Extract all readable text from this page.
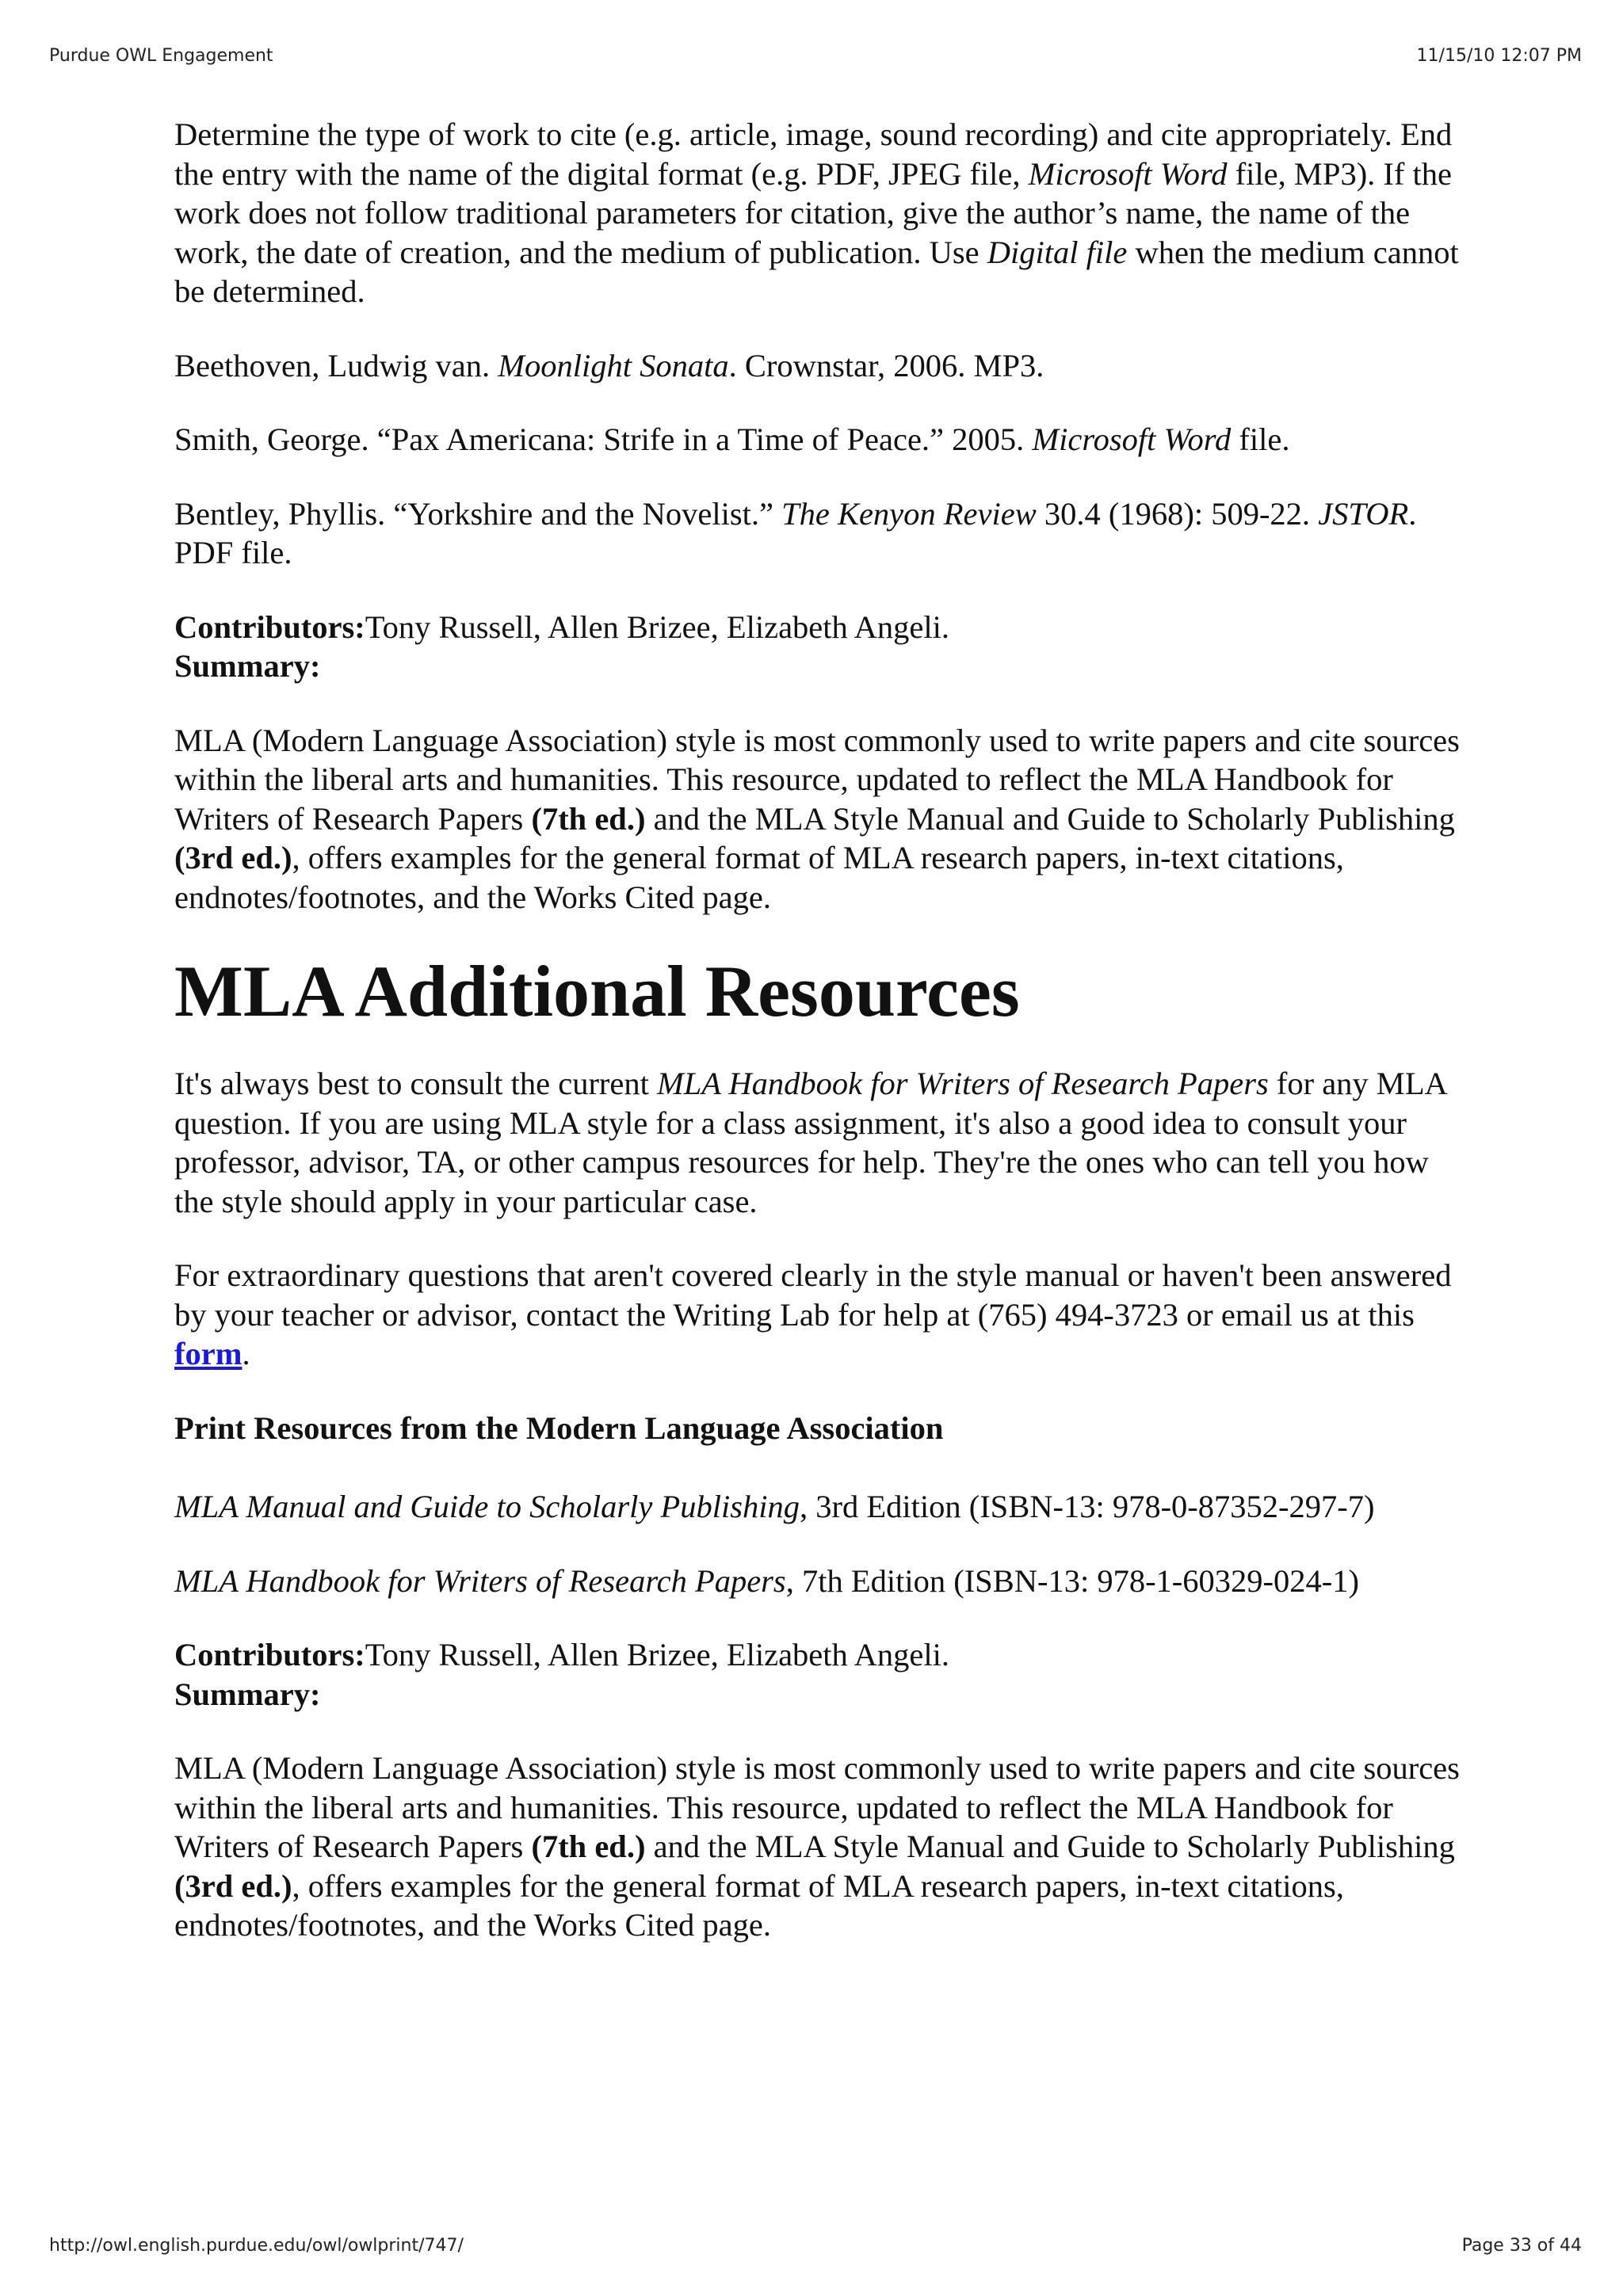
Purdue OWL Engagement	11/15/10 12:07 PM

Determine the type of work to cite (e.g. article, image, sound recording) and cite appropriately. End the entry with the name of the digital format (e.g. PDF, JPEG file, Microsoft Word file, MP3). If the work does not follow traditional parameters for citation, give the author’s name, the name of the work, the date of creation, and the medium of publication. Use Digital file when the medium cannot be determined.

Beethoven, Ludwig van. Moonlight Sonata. Crownstar, 2006. MP3.

Smith, George. “Pax Americana: Strife in a Time of Peace.” 2005. Microsoft Word file.

Bentley, Phyllis. “Yorkshire and the Novelist.” The Kenyon Review 30.4 (1968): 509-22. JSTOR. PDF file.

Contributors:Tony Russell, Allen Brizee, Elizabeth Angeli.

Summary:

MLA (Modern Language Association) style is most commonly used to write papers and cite sources within the liberal arts and humanities. This resource, updated to reflect the MLA Handbook for Writers of Research Papers (7th ed.) and the MLA Style Manual and Guide to Scholarly Publishing (3rd ed.), offers examples for the general format of MLA research papers, in-text citations, endnotes/footnotes, and the Works Cited page.

MLA Additional Resources

It's always best to consult the current MLA Handbook for Writers of Research Papers for any MLA question. If you are using MLA style for a class assignment, it's also a good idea to consult your professor, advisor, TA, or other campus resources for help. They're the ones who can tell you how the style should apply in your particular case.

For extraordinary questions that aren't covered clearly in the style manual or haven't been answered by your teacher or advisor, contact the Writing Lab for help at (765) 494-3723 or email us at this form.

Print Resources from the Modern Language Association

MLA Manual and Guide to Scholarly Publishing, 3rd Edition (ISBN-13: 978-0-87352-297-7)

MLA Handbook for Writers of Research Papers, 7th Edition (ISBN-13: 978-1-60329-024-1)

Contributors:Tony Russell, Allen Brizee, Elizabeth Angeli.

Summary:

MLA (Modern Language Association) style is most commonly used to write papers and cite sources within the liberal arts and humanities. This resource, updated to reflect the MLA Handbook for Writers of Research Papers (7th ed.) and the MLA Style Manual and Guide to Scholarly Publishing (3rd ed.), offers examples for the general format of MLA research papers, in-text citations, endnotes/footnotes, and the Works Cited page.

http://owl.english.purdue.edu/owl/owlprint/747/	Page 33 of 44
